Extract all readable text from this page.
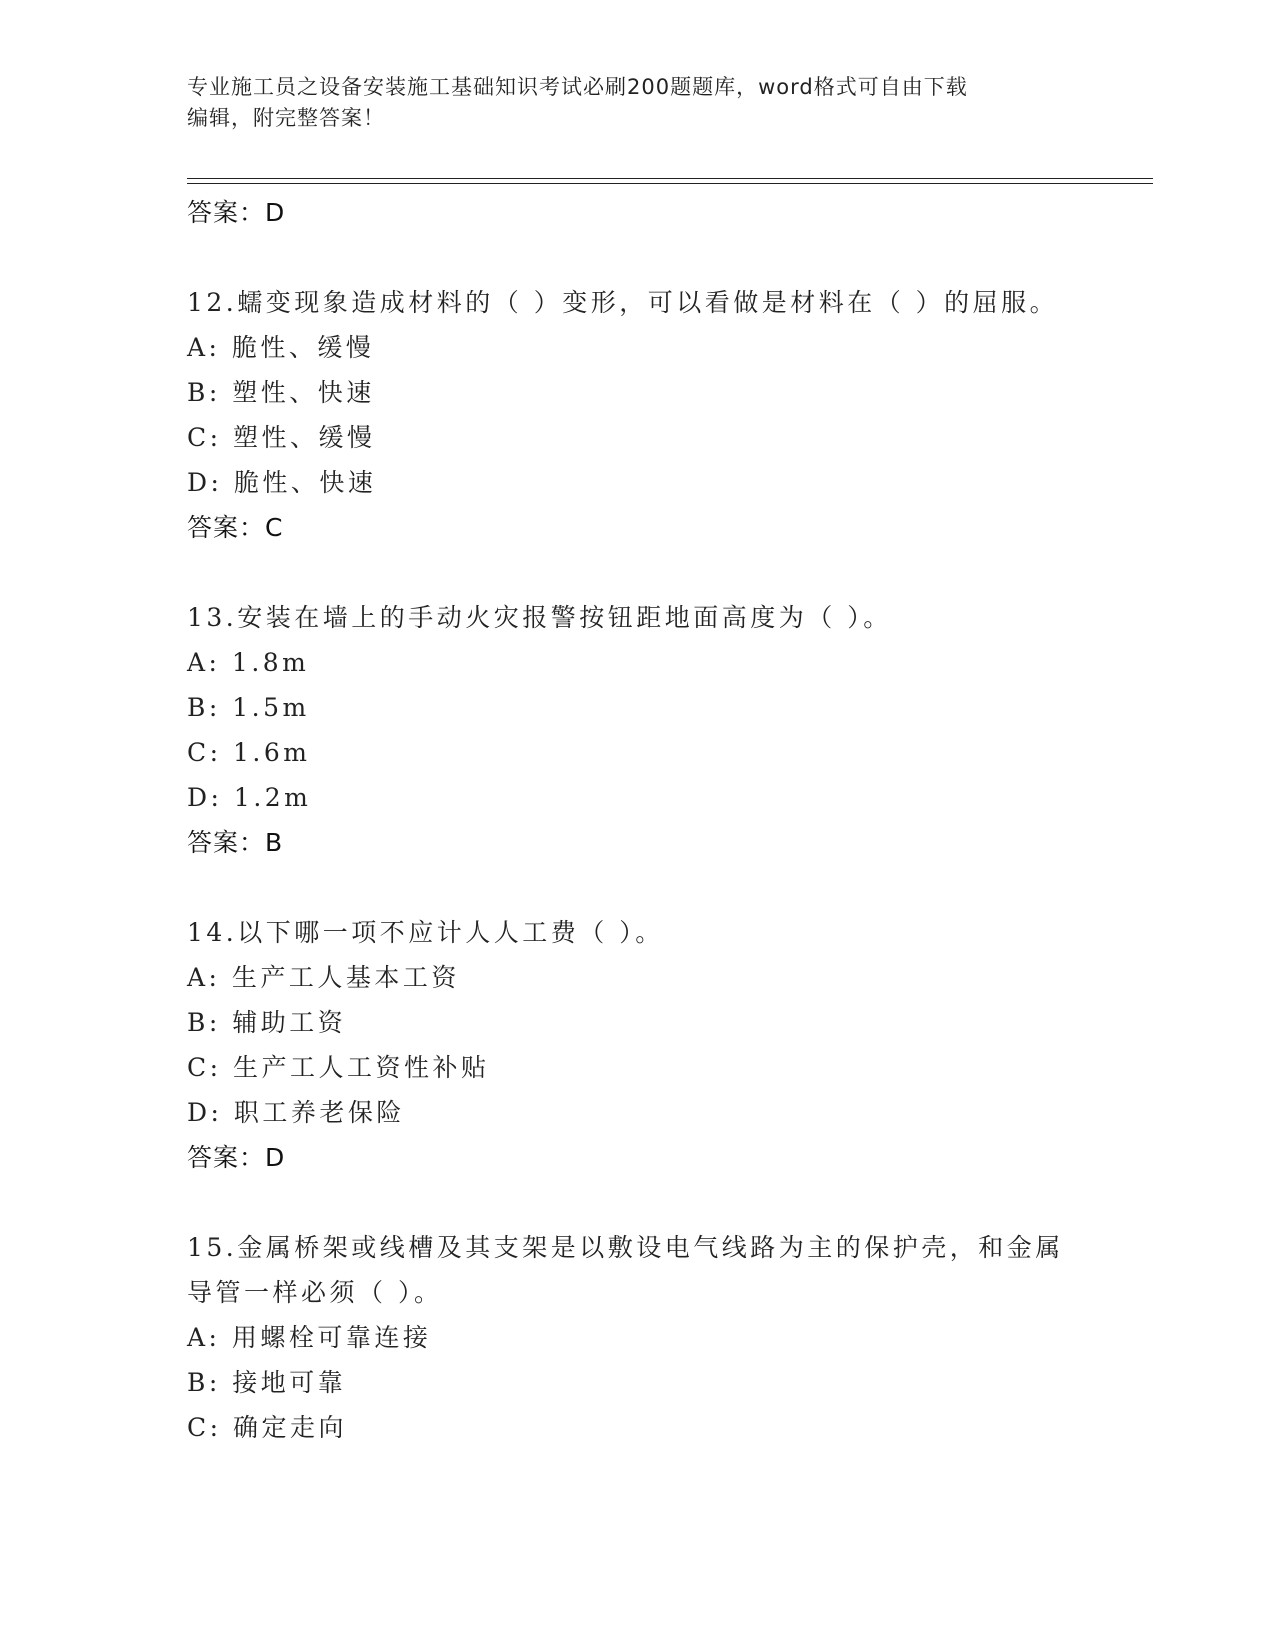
专业施工员之设备安装施工基础知识考试必刷200题题库，word格式可自由下载
编辑，附完整答案！
答案：D
12.蠕变现象造成材料的（ ）变形，可以看做是材料在（ ）的屈服。
A: 脆性、缓慢
B: 塑性、快速
C: 塑性、缓慢
D: 脆性、快速
答案：C
13.安装在墙上的手动火灾报警按钮距地面高度为（ ）。
A: 1.8m
B: 1.5m
C: 1.6m
D: 1.2m
答案：B
14.以下哪一项不应计人人工费（ ）。
A: 生产工人基本工资
B: 辅助工资
C: 生产工人工资性补贴
D: 职工养老保险
答案：D
15.金属桥架或线槽及其支架是以敷设电气线路为主的保护壳，和金属
导管一样必须（ ）。
A: 用螺栓可靠连接
B: 接地可靠
C: 确定走向
